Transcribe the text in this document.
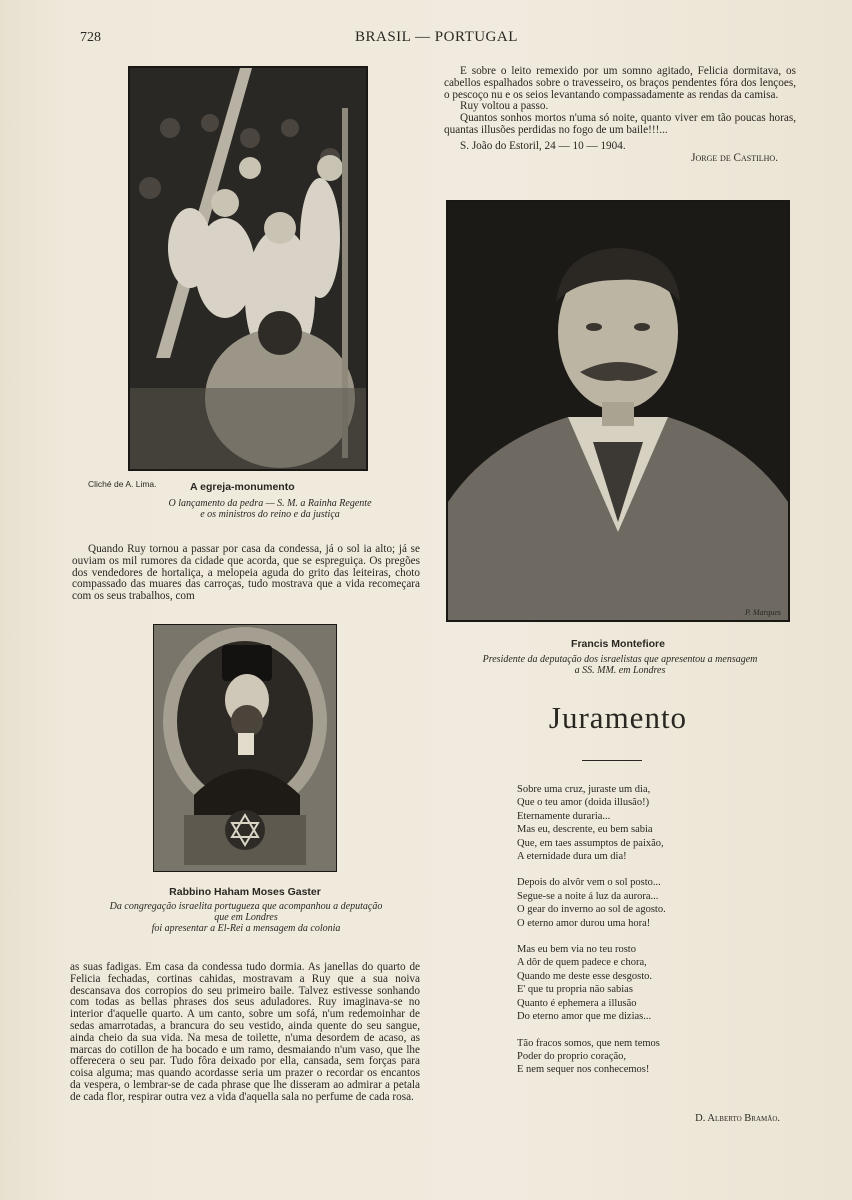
728	BRASIL — PORTUGAL
Cliché de A. Lima.	A egreja-monumento
O lançamento da pedra — S. M. a Rainha Regente
e os ministros do reino e da justiça

Quando Ruy tornou a passar por casa da condessa, já o sol ia alto; já se ouviam os mil rumores da cidade que acorda, que se espreguiça. Os pregões dos vendedores de hortaliça, a melopeia aguda do grito das leiteiras, choto compassado das muares das carroças, tudo mostrava que a vida recomeçara com os seus trabalhos, com

Rabbino Haham Moses Gaster
Da congregação israelita portugueza que acompanhou a deputação
que em Londres
foi apresentar a El-Rei a mensagem da colonia

as suas fadigas. Em casa da condessa tudo dormia. As janellas do quarto de Felicia fechadas, cortinas cahidas, mostravam a Ruy que a sua noiva descansava dos corropios do seu primeiro baile. Talvez estivesse sonhando com todas as bellas phrases dos seus aduladores. Ruy imaginava-se no interior d'aquelle quarto. A um canto, sobre um sofá, n'um redemoinhar de sedas amarrotadas, a brancura do seu vestido, ainda quente do seu sangue, ainda cheio da sua vida. Na mesa de toilette, n'uma desordem de acaso, as marcas do cotillon de ha bocado e um ramo, desmaiando n'um vaso, que lhe offerecera o seu par. Tudo fôra deixado por ella, cansada, sem forças para coisa alguma; mas quando acordasse seria um prazer o recordar os encantos da vespera, o lembrar-se de cada phrase que lhe disseram ao admirar a petala de cada flor, respirar outra vez a vida d'aquella sala no perfume de cada rosa.

E sobre o leito remexido por um somno agitado, Felicia dormitava, os cabellos espalhados sobre o travesseiro, os braços pendentes fóra dos lençoes, o pescoço nu e os seios levantando compassadamente as rendas da camisa.

Ruy voltou a passo.

Quantos sonhos mortos n'uma só noite, quanto viver em tão poucas horas, quantas illusões perdidas no fogo de um baile!!!...

S. João do Estoril, 24 — 10 — 1904.

Jorge de Castilho.

P. Marques
Francis Montefiore
Presidente da deputação dos israelistas que apresentou a mensagem
a SS. MM. em Londres
Juramento

Sobre uma cruz, juraste um dia,

Que o teu amor (doida illusão!)

Eternamente duraria...

Mas eu, descrente, eu bem sabia

Que, em taes assumptos de paixão,

A eternidade dura um dia!

Depois do alvôr vem o sol posto...

Segue-se a noite á luz da aurora...

O gear do inverno ao sol de agosto.

O eterno amor durou uma hora!

Mas eu bem via no teu rosto

A dôr de quem padece e chora,

Quando me deste esse desgosto.

E' que tu propria não sabias

Quanto é ephemera a illusão

Do eterno amor que me dizias...

Tão fracos somos, que nem temos

Poder do proprio coração,

E nem sequer nos conhecemos!

D. Alberto Bramão.
